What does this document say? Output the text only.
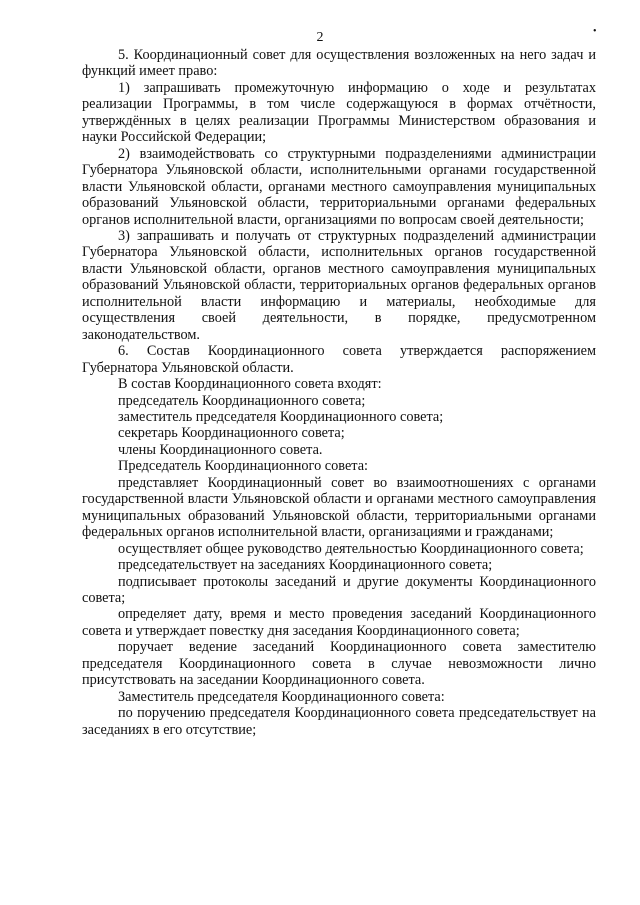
2	•

5. Координационный совет для осуществления возложенных на него задач и функций имеет право:

1) запрашивать промежуточную информацию о ходе и результатах реализации Программы, в том числе содержащуюся в формах отчётности, утверждённых в целях реализации Программы Министерством образования и науки Российской Федерации;

2) взаимодействовать со структурными подразделениями администрации Губернатора Ульяновской области, исполнительными органами государственной власти Ульяновской области, органами местного самоуправления муниципальных образований Ульяновской области, территориальными органами федеральных органов исполнительной власти, организациями по вопросам своей деятельности;

3) запрашивать и получать от структурных подразделений администрации Губернатора Ульяновской области, исполнительных органов государственной власти Ульяновской области, органов местного самоуправления муниципальных образований Ульяновской области, территориальных органов федеральных органов исполнительной власти информацию и материалы, необходимые для осуществления своей деятельности, в порядке, предусмотренном законодательством.

6. Состав Координационного совета утверждается распоряжением Губернатора Ульяновской области.

В состав Координационного совета входят:

председатель Координационного совета;

заместитель председателя Координационного совета;

секретарь Координационного совета;

члены Координационного совета.

Председатель Координационного совета:

представляет Координационный совет во взаимоотношениях с органами государственной власти Ульяновской области и органами местного самоуправления муниципальных образований Ульяновской области, территориальными органами федеральных органов исполнительной власти, организациями и гражданами;

осуществляет общее руководство деятельностью Координационного совета;

председательствует на заседаниях Координационного совета;

подписывает протоколы заседаний и другие документы Координационного совета;

определяет дату, время и место проведения заседаний Координационного совета и утверждает повестку дня заседания Координационного совета;

поручает ведение заседаний Координационного совета заместителю председателя Координационного совета в случае невозможности лично присутствовать на заседании Координационного совета.

Заместитель председателя Координационного совета:

по поручению председателя Координационного совета председательствует на заседаниях в его отсутствие;
